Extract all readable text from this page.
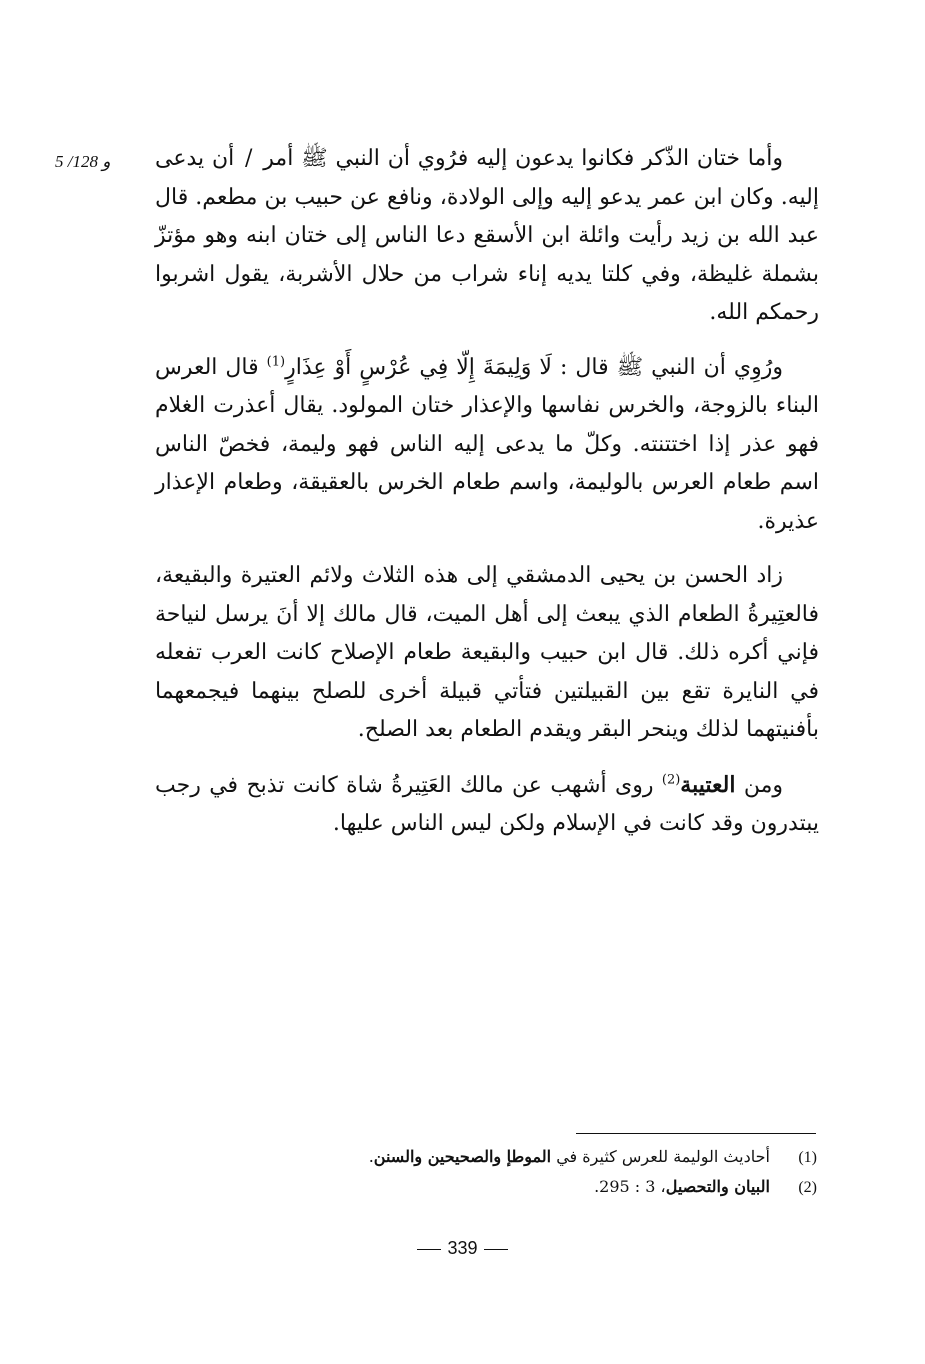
5 /128 و	وأما ختان الذّكر فكانوا يدعون إليه فرُوي أن النبي ﷺ أمر / أن يدعى إليه. وكان ابن عمر يدعو إليه وإلى الولادة، ونافع عن حبيب بن مطعم. قال عبد الله بن زيد رأيت وائلة ابن الأسقع دعا الناس إلى ختان ابنه وهو مؤتزّ بشملة غليظة، وفي كلتا يديه إناء شراب من حلال الأشربة، يقول اشربوا رحمكم الله.

ورُوِي أن النبي ﷺ قال : لَا وَلِيمَةَ إِلّا فِي عُرْسٍ أَوْ عِذَارٍ$^{(1)}$ قال العرس البناء بالزوجة، والخرس نفاسها والإعذار ختان المولود. يقال أعذرت الغلام فهو عذر إذا اختتنته. وكلّ ما يدعى إليه الناس فهو وليمة، فخصّ الناس اسم طعام العرس بالوليمة، واسم طعام الخرس بالعقيقة، وطعام الإعذار عذيرة.

زاد الحسن بن يحيى الدمشقي إلى هذه الثلاث ولائم العتيرة والبقيعة، فالعتِيرةُ الطعام الذي يبعث إلى أهل الميت، قال مالك إلا أنَ يرسل لنياحة فإني أكره ذلك. قال ابن حبيب والبقيعة طعام الإصلاح كانت العرب تفعله في النايرة تقع بين القبيلتين فتأتي قبيلة أخرى للصلح بينهما فيجمعهما بأفنيتهما لذلك وينحر البقر ويقدم الطعام بعد الصلح.

ومن العتيبة$^{(2)}$ روى أشهب عن مالك العَتِيرةُ شاة كانت تذبح في رجب يبتدرون وقد كانت في الإسلام ولكن ليس الناس عليها.

(1) أحاديث الوليمة للعرس كثيرة في الموطإ والصحيحين والسنن.
(2) البيان والتحصيل، 3 : 295.
339
